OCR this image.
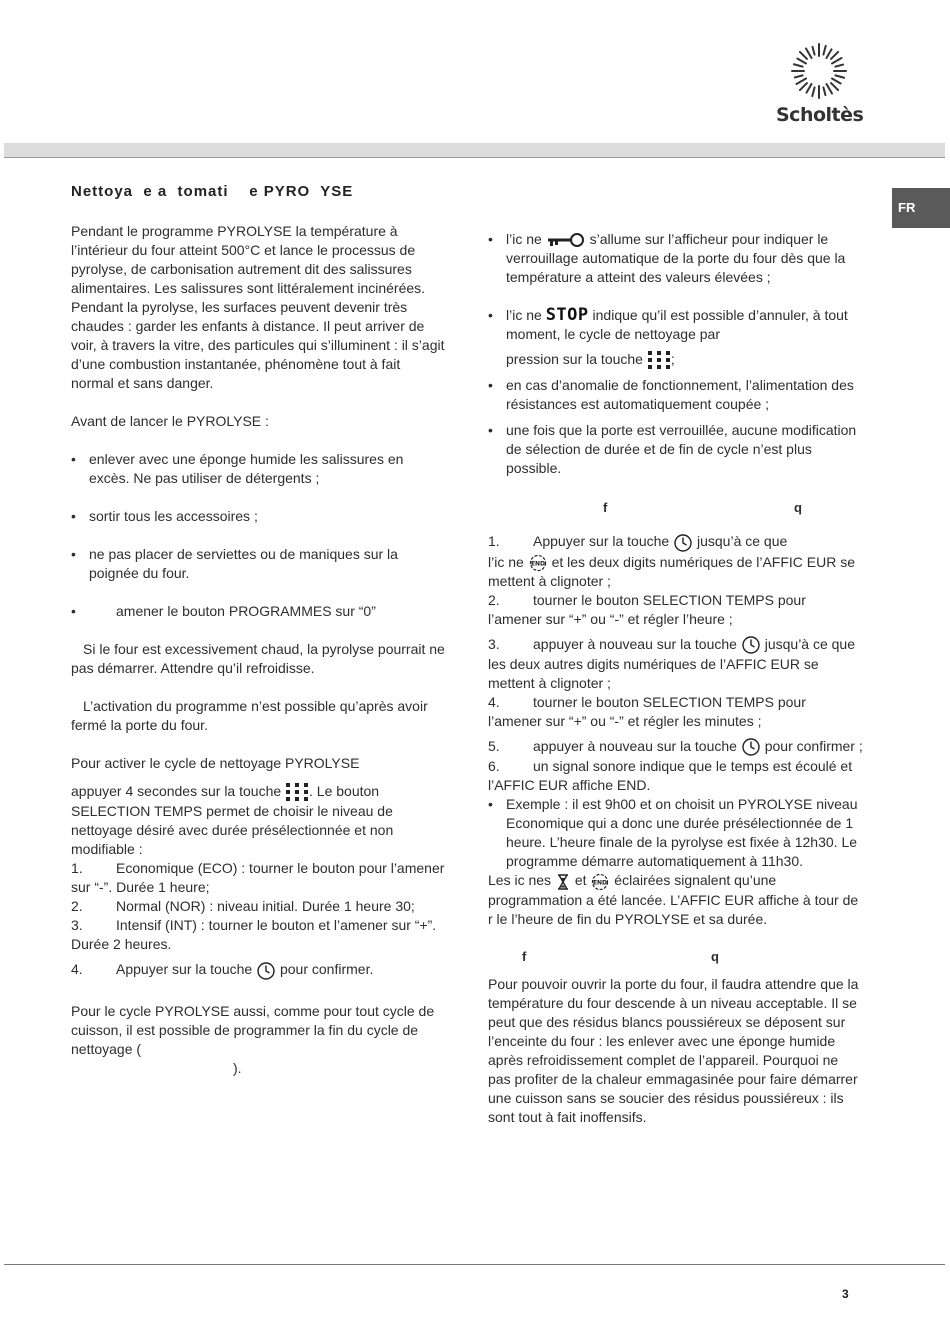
Scholtès
FR
Nettoya  e a  tomati    e PYRO  YSE

Pendant le programme PYROLYSE la température à l’intérieur du four atteint 500°C et lance le processus de pyrolyse, de carbonisation autrement dit des salissures alimentaires. Les salissures sont littéralement incinérées.

Pendant la pyrolyse, les surfaces peuvent devenir très chaudes : garder les enfants à distance. Il peut arriver de voir, à travers la vitre, des particules qui s’illuminent : il s’agit d’une combustion instantanée, phénomène tout à fait normal et sans danger.

Avant de lancer le PYROLYSE :

• enlever avec une éponge humide les salissures en excès. Ne pas utiliser de détergents ;

• sortir tous les accessoires ;

• ne pas placer de serviettes ou de maniques sur la poignée du four.

• amener le bouton PROGRAMMES sur “0”

Si le four est excessivement chaud, la pyrolyse pourrait ne pas démarrer. Attendre qu’il refroidisse.

L’activation du programme n’est possible qu’après avoir fermé la porte du four.

Pour activer le cycle de nettoyage PYROLYSE

appuyer 4 secondes sur la touche . Le bouton SELECTION TEMPS permet de choisir le niveau de nettoyage désiré avec durée présélectionnée et non modifiable :

1. Economique (ECO) : tourner le bouton pour l’amener sur “-”. Durée 1 heure;

2. Normal (NOR) : niveau initial. Durée 1 heure 30;

3. Intensif (INT) : tourner le bouton et l’amener sur “+”. Durée 2 heures.

4. Appuyer sur la touche pour confirmer.

Pour le cycle PYROLYSE aussi, comme pour tout cycle de cuisson, il est possible de programmer la fin du cycle de nettoyage (

).

• l’ic ne	s’allume sur l’afficheur pour indiquer le verrouillage automatique de la porte du four dès que la température a atteint des valeurs élevées ;

• l’ic ne STOP indique qu’il est possible d’annuler, à tout moment, le cycle de nettoyage par

pression sur la touche ;

• en cas d’anomalie de fonctionnement, l’alimentation des résistances est automatiquement coupée ;

• une fois que la porte est verrouillée, aucune modification de sélection de durée et de fin de cycle n’est plus possible.

f	q

1. Appuyer sur la touche jusqu’à ce que
l’ic ne END et les deux digits numériques de l’AFFIC EUR se mettent à clignoter ;

2. tourner le bouton SELECTION TEMPS pour l’amener sur “+” ou “-” et régler l’heure ;

3. appuyer à nouveau sur la touche jusqu’à ce que les deux autres digits numériques de l’AFFIC EUR se mettent à clignoter ;

4. tourner le bouton SELECTION TEMPS pour l’amener sur “+” ou “-” et régler les minutes ;

5. appuyer à nouveau sur la touche pour confirmer ;

6. un signal sonore indique que le temps est écoulé et l’AFFIC EUR affiche END.

• Exemple : il est 9h00 et on choisit un PYROLYSE niveau Economique qui a donc une durée présélectionnée de 1 heure. L’heure finale de la pyrolyse est fixée à 12h30. Le programme démarre automatiquement à 11h30.

Les ic nes et END éclairées signalent qu’une programmation a été lancée. L’AFFIC EUR affiche à tour de r le l’heure de fin du PYROLYSE et sa durée.

f	q

Pour pouvoir ouvrir la porte du four, il faudra attendre que la température du four descende à un niveau acceptable. Il se peut que des résidus blancs poussiéreux se déposent sur l’enceinte du four : les enlever avec une éponge humide après refroidissement complet de l’appareil. Pourquoi ne pas profiter de la chaleur emmagasinée pour faire démarrer une cuisson sans se soucier des résidus poussiéreux : ils sont tout à fait inoffensifs.

3
